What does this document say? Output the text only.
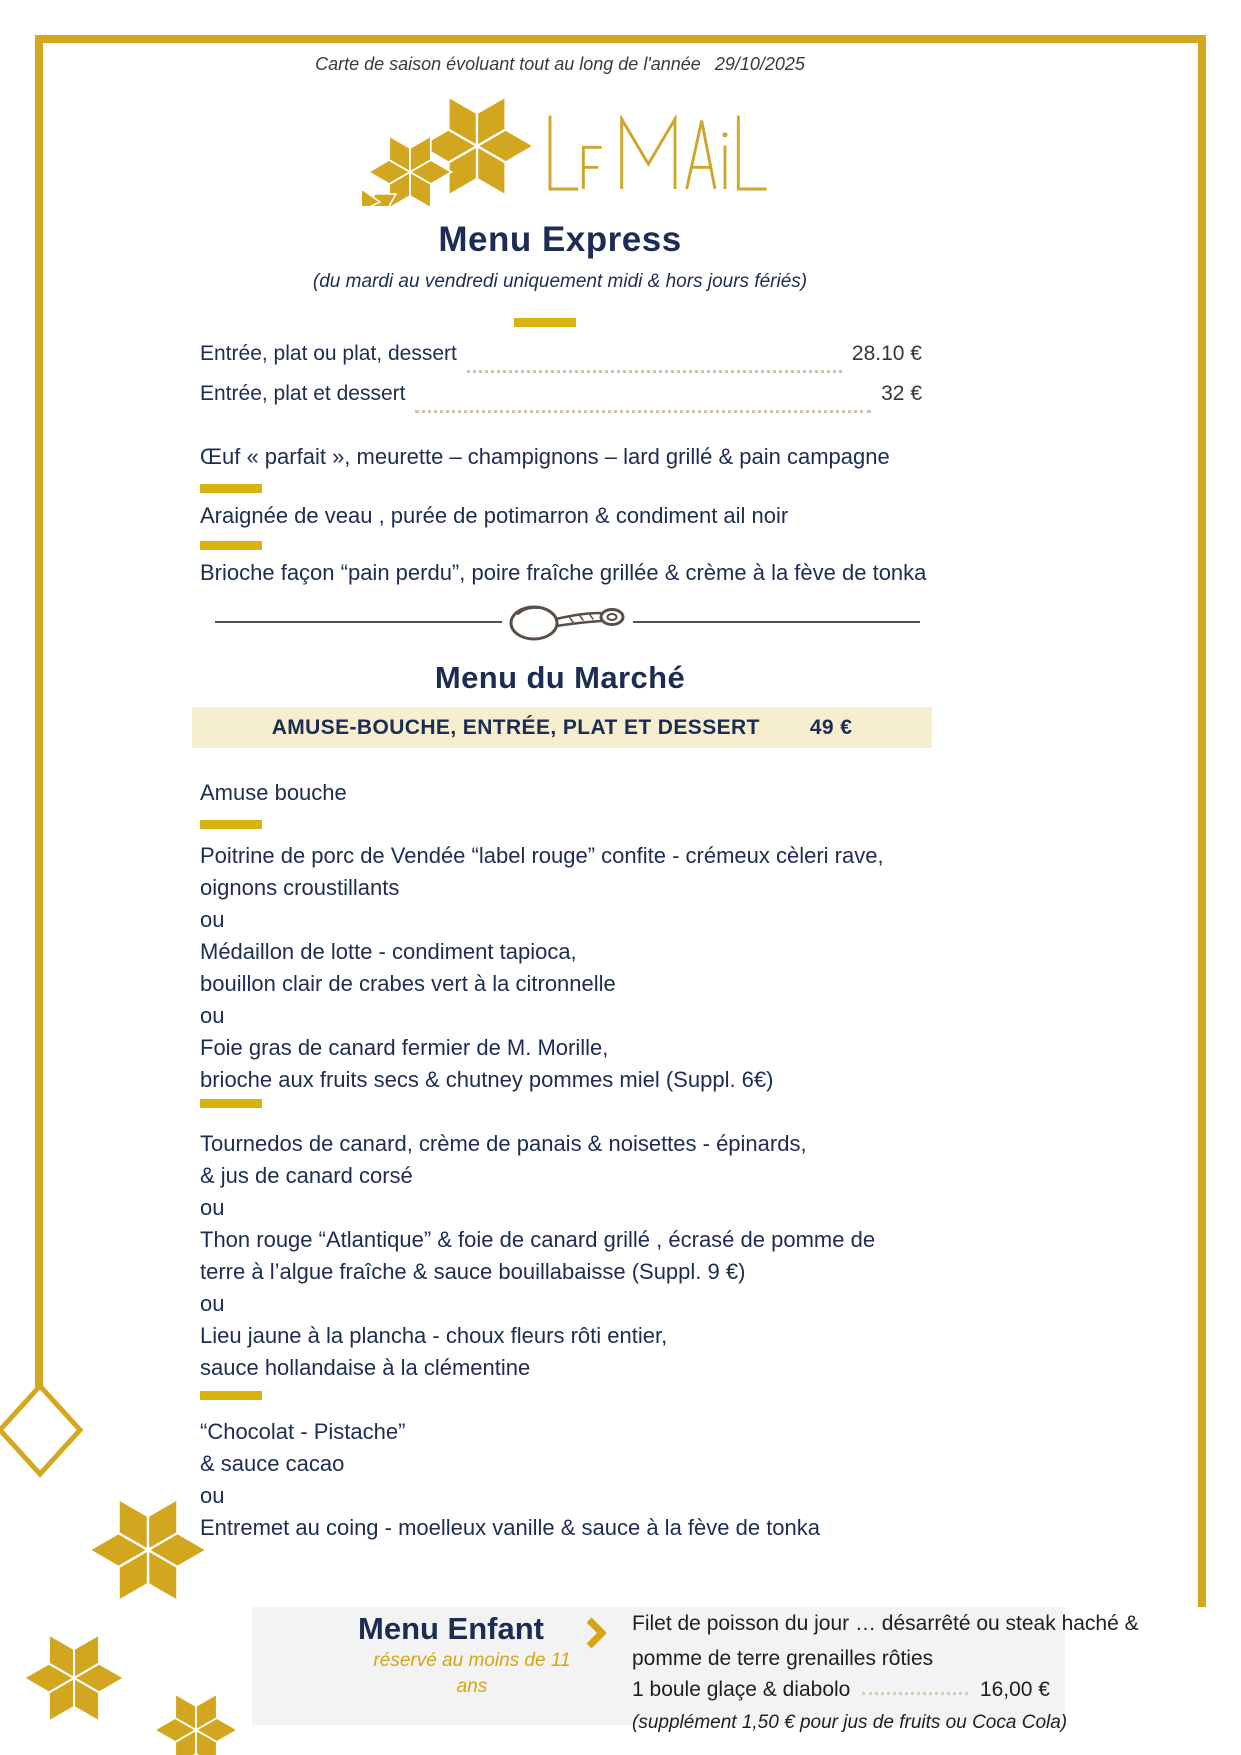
Carte de saison évoluant tout au long de l'année 29/10/2025
Menu Express
(du mardi au vendredi uniquement midi & hors jours fériés)
Entrée, plat ou plat, dessert	28.10 €
Entrée, plat et dessert	32 €
Œuf « parfait », meurette – champignons – lard grillé & pain campagne
Araignée de veau , purée de potimarron & condiment ail noir
Brioche façon “pain perdu”, poire fraîche grillée & crème à la fève de tonka
Menu du Marché
AMUSE-BOUCHE, ENTRÉE, PLAT ET DESSERT 49 €
Amuse bouche
Poitrine de porc de Vendée “label rouge” confite - crémeux cèleri rave,
oignons croustillants
ou
Médaillon de lotte - condiment tapioca,
bouillon clair de crabes vert à la citronnelle
ou
Foie gras de canard fermier de M. Morille,
brioche aux fruits secs & chutney pommes miel (Suppl. 6€)
Tournedos de canard, crème de panais & noisettes - épinards,
& jus de canard corsé
ou
Thon rouge “Atlantique” & foie de canard grillé , écrasé de pomme de
terre à l’algue fraîche & sauce bouillabaisse (Suppl. 9 €)
ou
Lieu jaune à la plancha - choux fleurs rôti entier,
sauce hollandaise à la clémentine
“Chocolat - Pistache”
& sauce cacao
ou
Entremet au coing - moelleux vanille & sauce à la fève de tonka
Menu Enfant
réservé au moins de 11
ans
Filet de poisson du jour … désarrêté ou steak haché &
pomme de terre grenailles rôties
1 boule glaçe & diabolo	16,00 €
(supplément 1,50 € pour jus de fruits ou Coca Cola)
